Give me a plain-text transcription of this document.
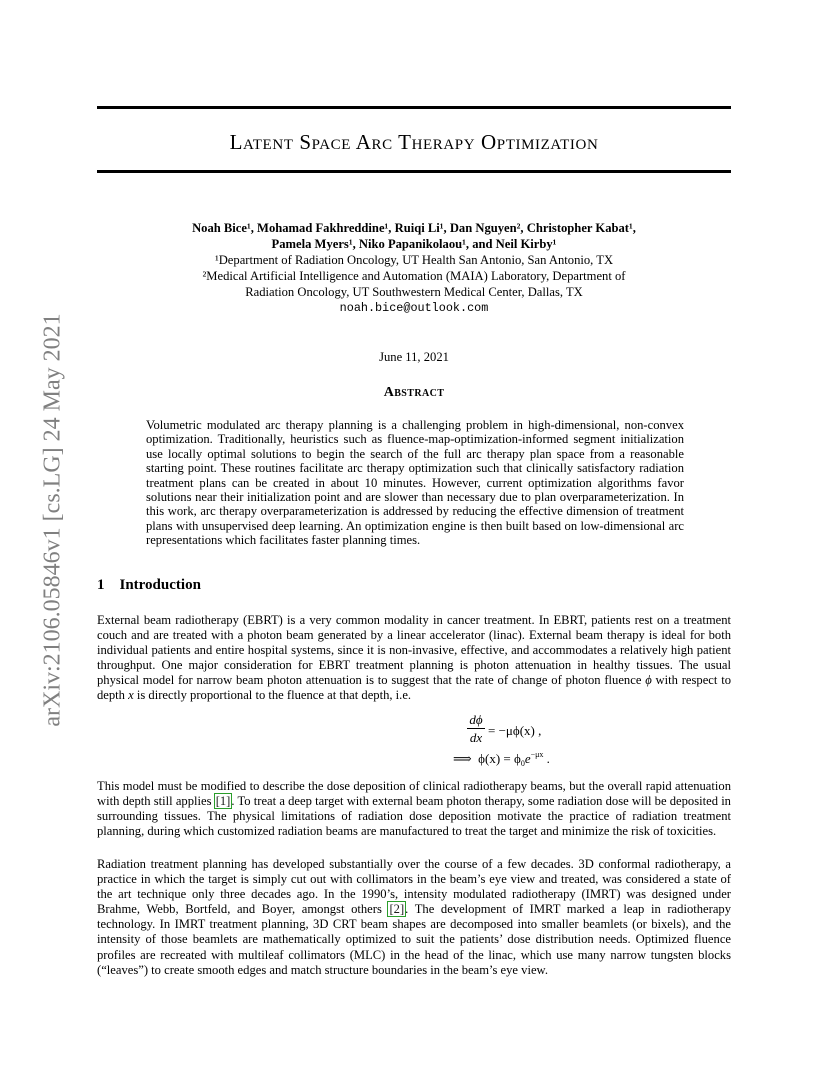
arXiv:2106.05846v1 [cs.LG] 24 May 2021
Latent Space Arc Therapy Optimization
Noah Bice¹, Mohamad Fakhreddine¹, Ruiqi Li¹, Dan Nguyen², Christopher Kabat¹,
Pamela Myers¹, Niko Papanikolaou¹, and Neil Kirby¹
¹Department of Radiation Oncology, UT Health San Antonio, San Antonio, TX
²Medical Artificial Intelligence and Automation (MAIA) Laboratory, Department of
Radiation Oncology, UT Southwestern Medical Center, Dallas, TX
noah.bice@outlook.com
June 11, 2021
Abstract

Volumetric modulated arc therapy planning is a challenging problem in high-dimensional, non-convex optimization. Traditionally, heuristics such as fluence-map-optimization-informed segment initialization use locally optimal solutions to begin the search of the full arc therapy plan space from a reasonable starting point. These routines facilitate arc therapy optimization such that clinically satisfactory radiation treatment plans can be created in about 10 minutes. However, current optimization algorithms favor solutions near their initialization point and are slower than necessary due to plan overparameterization. In this work, arc therapy overparameterization is addressed by reducing the effective dimension of treatment plans with unsupervised deep learning. An optimization engine is then built based on low-dimensional arc representations which facilitates faster planning times.

1 Introduction

External beam radiotherapy (EBRT) is a very common modality in cancer treatment. In EBRT, patients rest on a treatment couch and are treated with a photon beam generated by a linear accelerator (linac). External beam therapy is ideal for both individual patients and entire hospital systems, since it is non-invasive, effective, and accommodates a relatively high patient throughput. One major consideration for EBRT treatment planning is photon attenuation in healthy tissues. The usual physical model for narrow beam photon attenuation is to suggest that the rate of change of photon fluence ϕ with respect to depth x is directly proportional to the fluence at that depth, i.e.

dϕ
dx = −μϕ(x) ,
⟹ $\phi(x) = \phi_0e^{-\mu x}$ .

This model must be modified to describe the dose deposition of clinical radiotherapy beams, but the overall rapid attenuation with depth still applies [1]. To treat a deep target with external beam photon therapy, some radiation dose will be deposited in surrounding tissues. The physical limitations of radiation dose deposition motivate the practice of radiation treatment planning, during which customized radiation beams are manufactured to treat the target and minimize the risk of toxicities.

Radiation treatment planning has developed substantially over the course of a few decades. 3D conformal radiotherapy, a practice in which the target is simply cut out with collimators in the beam’s eye view and treated, was considered a state of the art technique only three decades ago. In the 1990’s, intensity modulated radiotherapy (IMRT) was designed under Brahme, Webb, Bortfeld, and Boyer, amongst others [2]. The development of IMRT marked a leap in radiotherapy technology. In IMRT treatment planning, 3D CRT beam shapes are decomposed into smaller beamlets (or bixels), and the intensity of those beamlets are mathematically optimized to suit the patients’ dose distribution needs. Optimized fluence profiles are recreated with multileaf collimators (MLC) in the head of the linac, which use many narrow tungsten blocks (“leaves”) to create smooth edges and match structure boundaries in the beam’s eye view.
